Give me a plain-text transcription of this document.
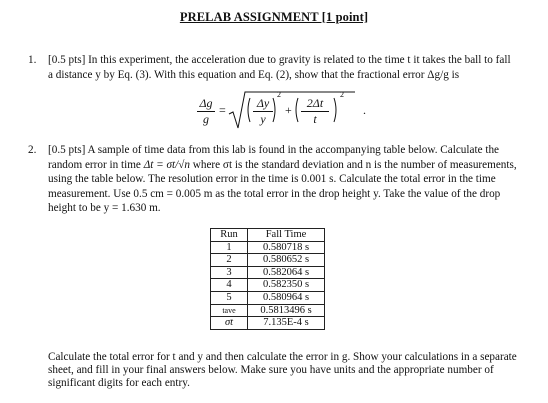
PRELAB ASSIGNMENT [1 point]
1.	[0.5 pts] In this experiment, the acceleration due to gravity is related to the time t it takes the ball to fall a distance y by Eq. (3). With this equation and Eq. (2), show that the fractional error Δg/g is
$\frac{\Delta g}{g} = \frac{\Delta y}{y}$
2
+ $\frac{2\Delta t}{t}$
2
.
2.	[0.5 pts] A sample of time data from this lab is found in the accompanying table below. Calculate the random error in time Δt = σt/√n where σt is the standard deviation and n is the number of measurements, using the table below. The resolution error in the time is 0.001 s. Calculate the total error in the time measurement. Use 0.5 cm = 0.005 m as the total error in the drop height y. Take the value of the drop height to be y = 1.630 m.
Run	Fall Time
1	0.580718 s
2	0.580652 s
3	0.582064 s
4	0.582350 s
5	0.580964 s
tave	0.5813496 s
σt	7.135E-4 s
Calculate the total error for t and y and then calculate the error in g. Show your calculations in a separate sheet, and fill in your final answers below. Make sure you have units and the appropriate number of significant digits for each entry.
